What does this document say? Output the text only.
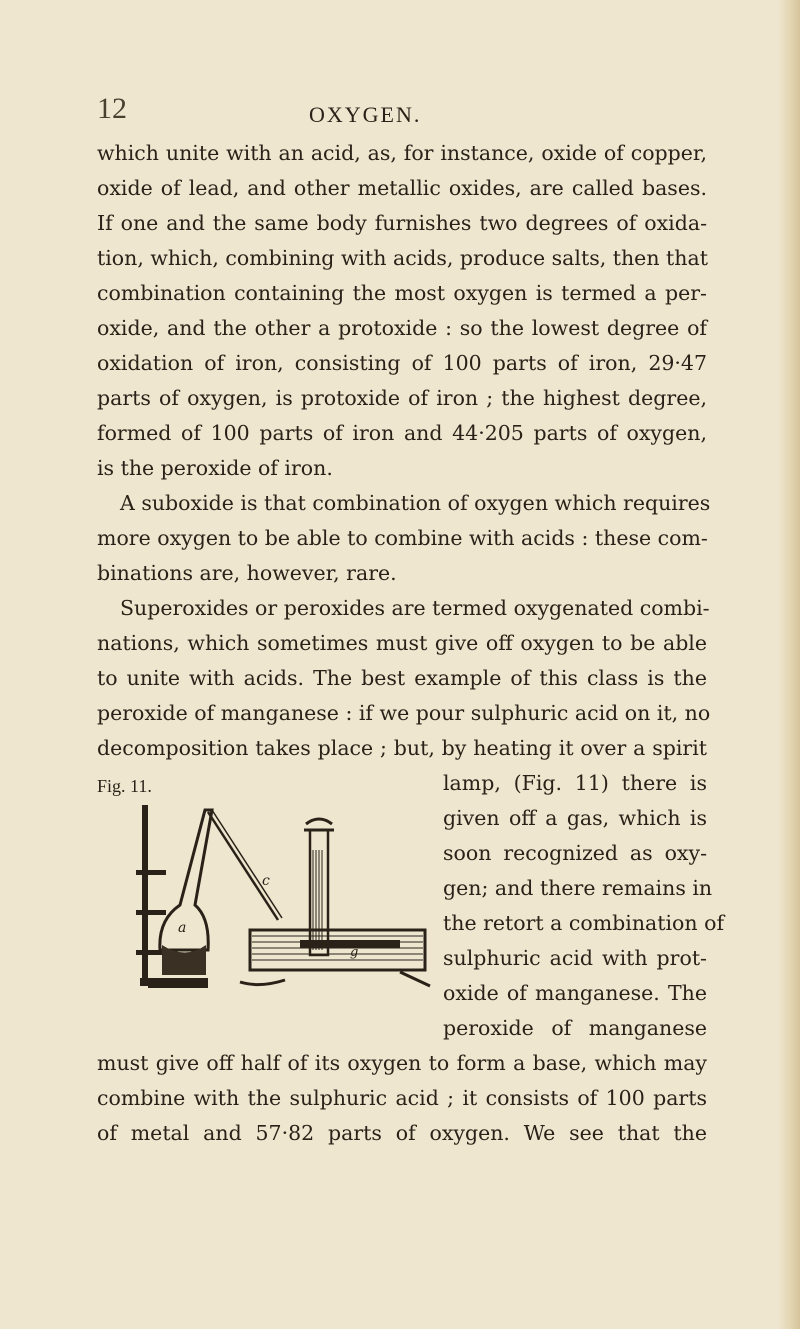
12	OXYGEN.
which unite with an acid, as, for instance, oxide of copper,
oxide of lead, and other metallic oxides, are called bases.
If one and the same body furnishes two degrees of oxida-
tion, which, combining with acids, produce salts, then that
combination containing the most oxygen is termed a per-
oxide, and the other a protoxide : so the lowest degree of
oxidation of iron, consisting of 100 parts of iron, 29·47
parts of oxygen, is protoxide of iron ; the highest degree,
formed of 100 parts of iron and 44·205 parts of oxygen,
is the peroxide of iron.
A suboxide is that combination of oxygen which requires
more oxygen to be able to combine with acids : these com-
binations are, however, rare.
Superoxides or peroxides are termed oxygenated combi-
nations, which sometimes must give off oxygen to be able
to unite with acids. The best example of this class is the
peroxide of manganese : if we pour sulphuric acid on it, no
decomposition takes place ; but, by heating it over a spirit
Fig. 11.
a
c
g
lamp, (Fig. 11) there is
given off a gas, which is
soon recognized as oxy-
gen; and there remains in
the retort a combination of
sulphuric acid with prot-
oxide of manganese. The
peroxide of manganese
must give off half of its oxygen to form a base, which may
combine with the sulphuric acid ; it consists of 100 parts
of metal and 57·82 parts of oxygen. We see that the
